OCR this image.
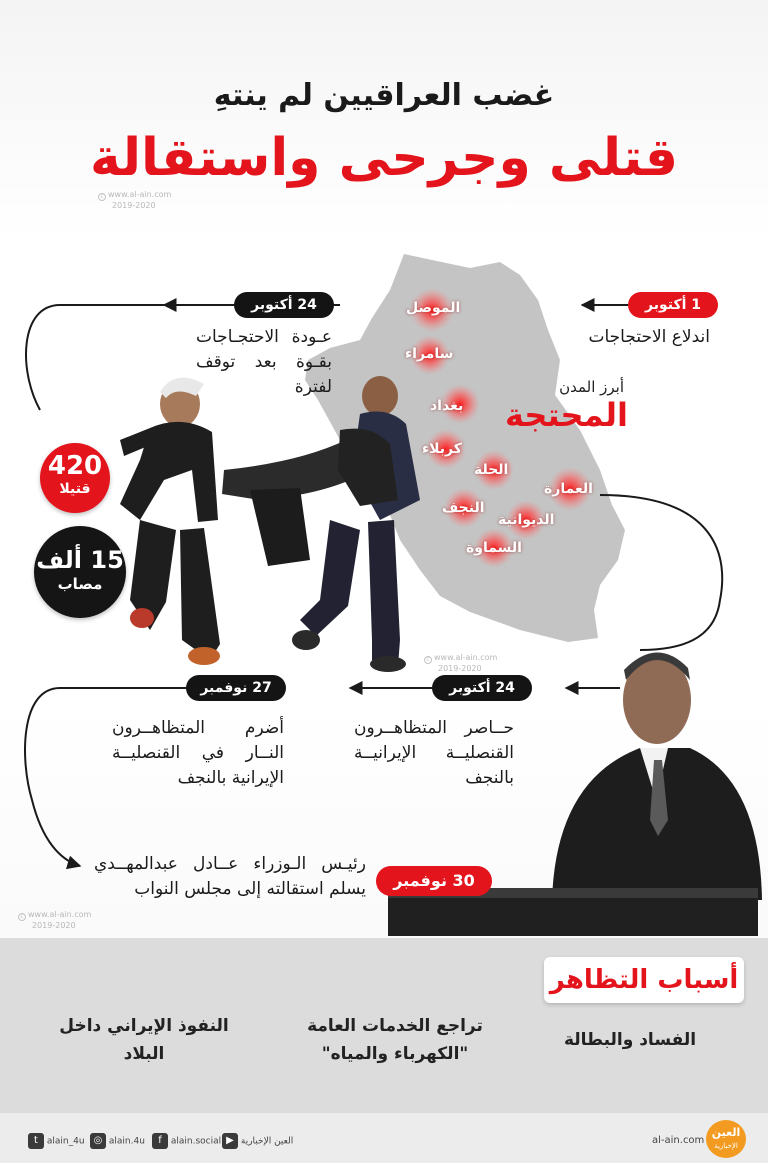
غضب العراقيين لم ينتهِ
قتلى وجرحى واستقالة
c www.al-ain.com
2019-2020
c www.al-ain.com
2019-2020
c www.al-ain.com
2019-2020
أبرز المدن
المحتجة
الموصل
سامراء
بغداد
كربلاء
الحلة
النجف
الديوانية
السماوة
العمارة
420
قتيلا
15 ألف
مصاب
1 أكتوبر
اندلاع الاحتجاجات
24 أكتوبر
عـودة الاحتجـاجات بقـوة بعد توقف لفترة
24 أكتوبر
حــاصر المتظاهــرون القنصليــة الإيرانيــة بالنجف
27 نوفمبر
أضرم المتظاهــرون النــار في القنصليــة الإيرانية بالنجف
30 نوفمبر
رئيـس الـوزراء عــادل عبدالمهــدي يسلم استقالته إلى مجلس النواب
أسباب التظاهر
الفساد والبطالة
تراجع الخدمات العامة "الكهرباء والمياه"
النفوذ الإيراني داخل البلاد
t alain_4u ◎ alain.4u	f alain.social ▶ العين الإخبارية	al-ain.com
العين
الإخبارية
